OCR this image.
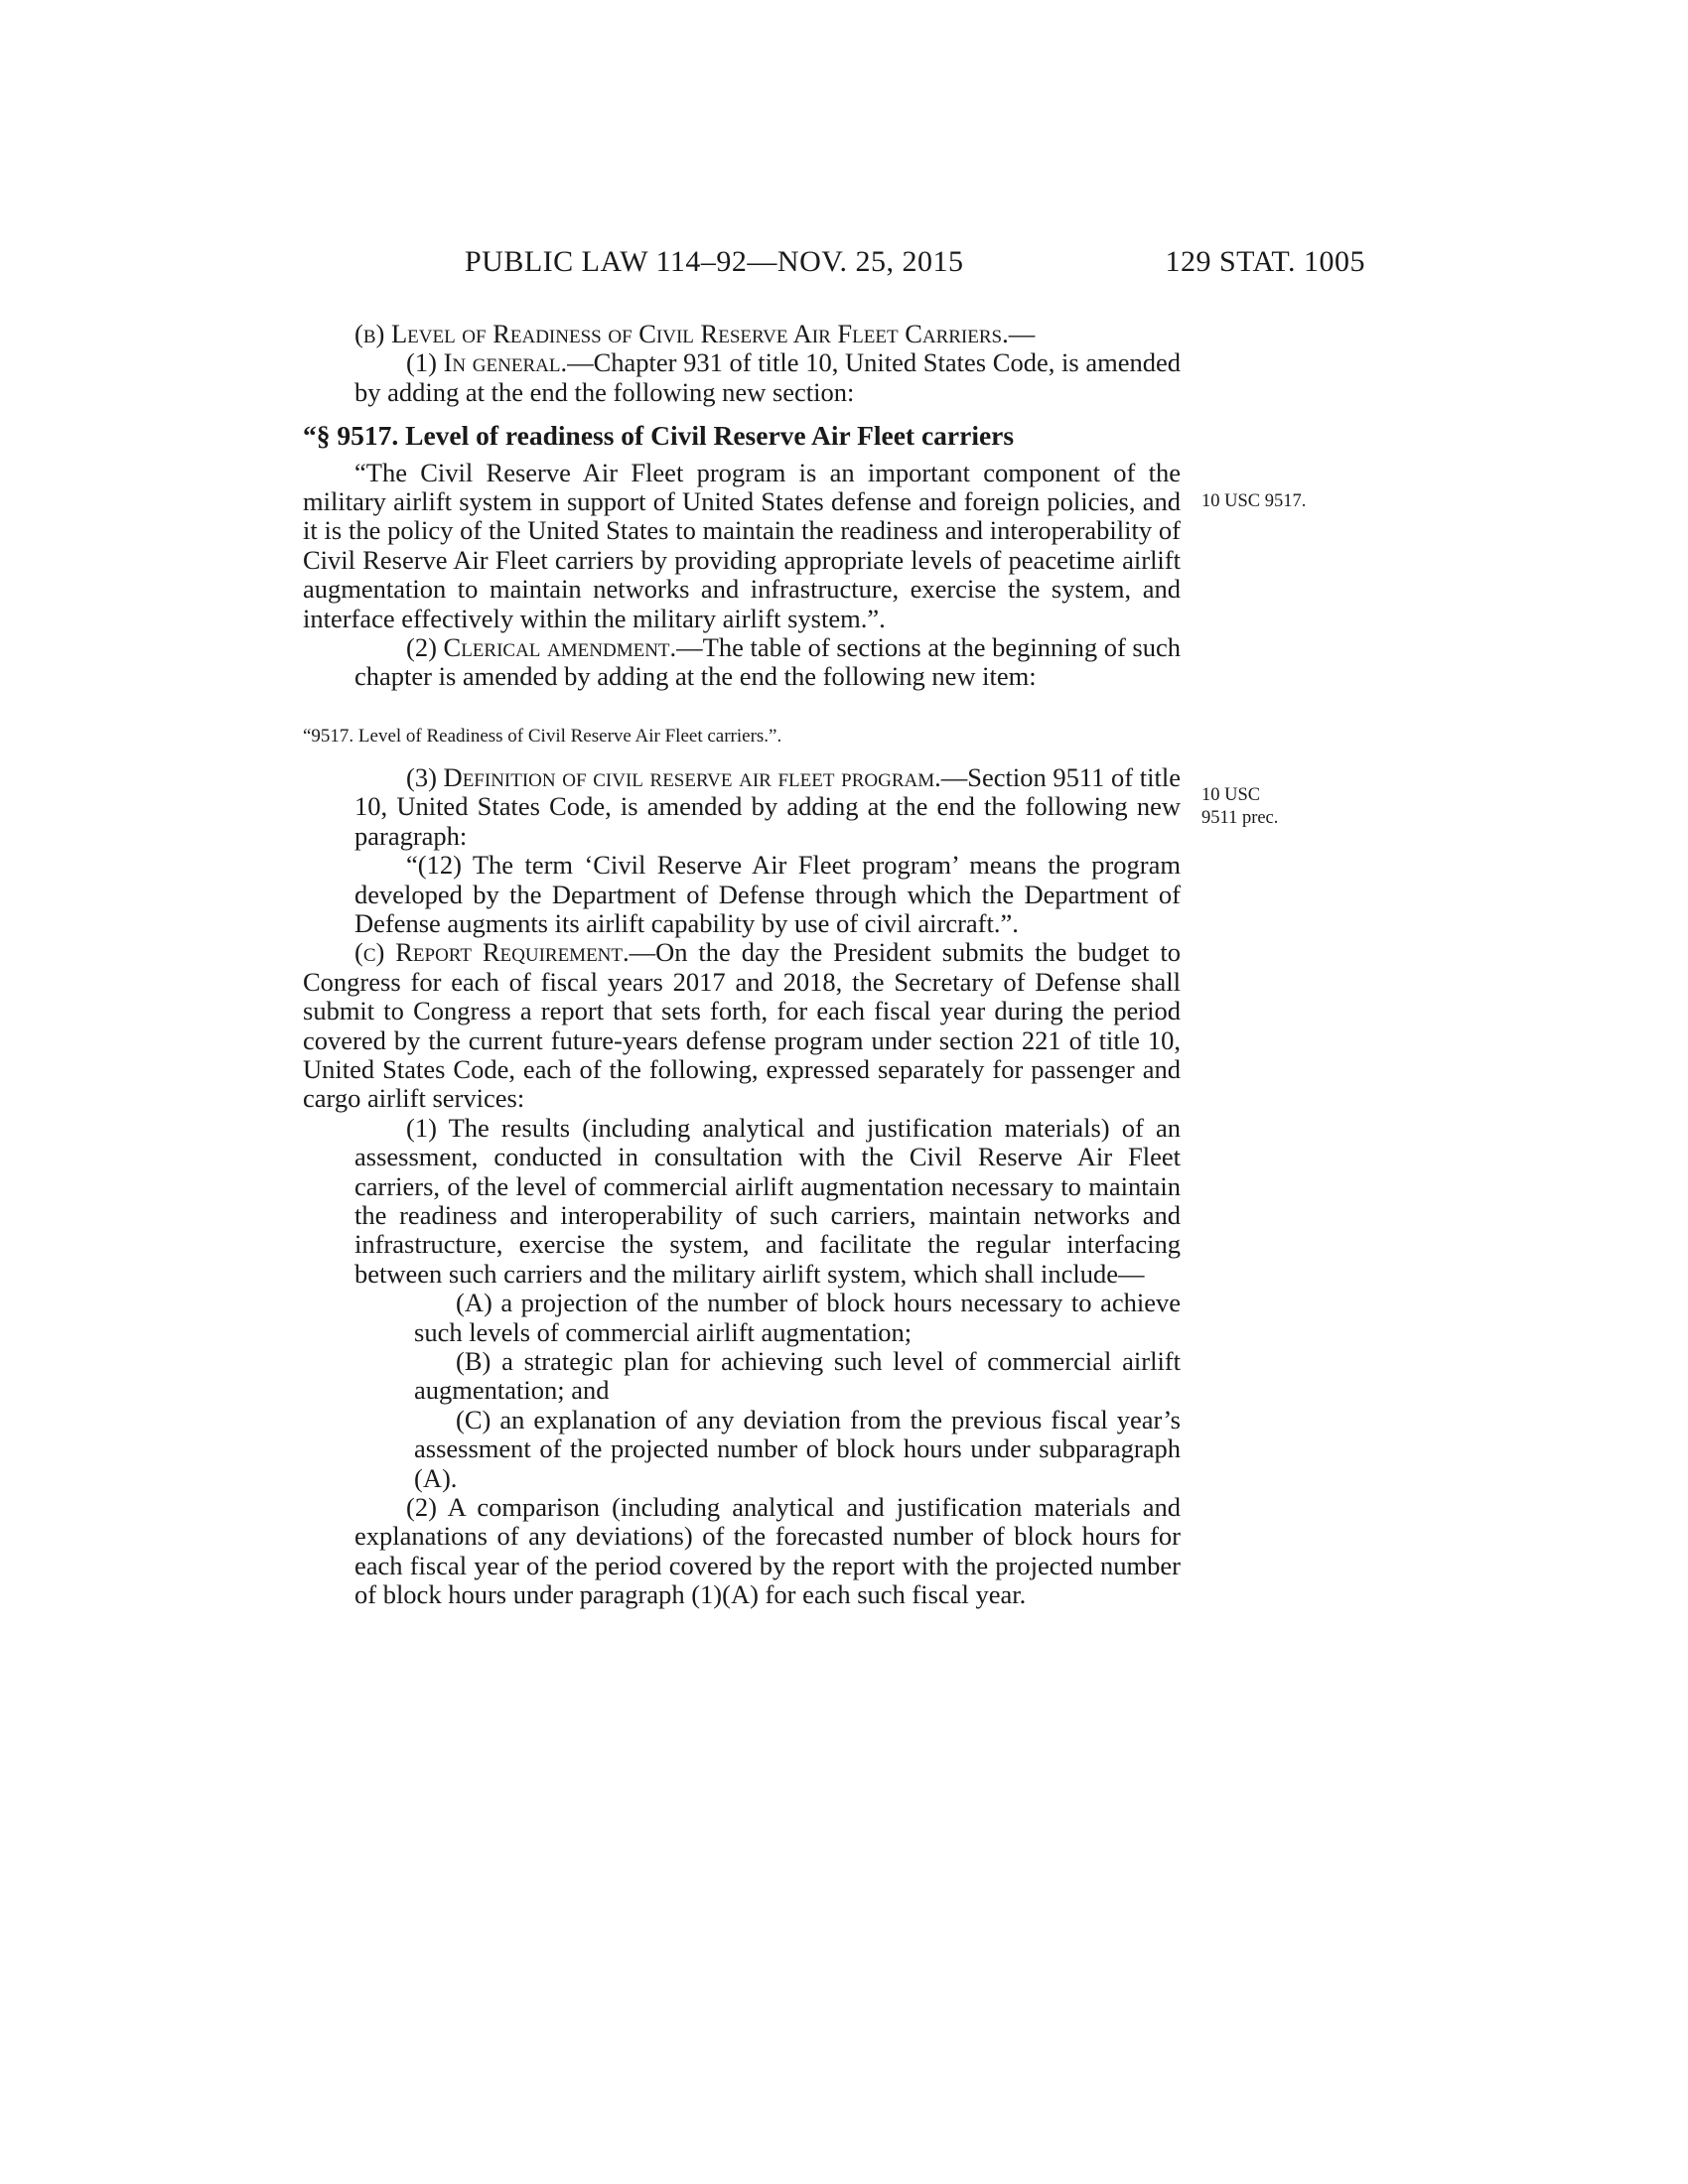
PUBLIC LAW 114–92—NOV. 25, 2015	129 STAT. 1005

(b) Level of Readiness of Civil Reserve Air Fleet Carriers.—

(1) In general.—Chapter 931 of title 10, United States Code, is amended by adding at the end the following new section:

“§ 9517. Level of readiness of Civil Reserve Air Fleet carriers

“The Civil Reserve Air Fleet program is an important component of the military airlift system in support of United States defense and foreign policies, and it is the policy of the United States to maintain the readiness and interoperability of Civil Reserve Air Fleet carriers by providing appropriate levels of peacetime airlift augmentation to maintain networks and infrastructure, exercise the system, and interface effectively within the military airlift system.”.

(2) Clerical amendment.—The table of sections at the beginning of such chapter is amended by adding at the end the following new item:

“9517. Level of Readiness of Civil Reserve Air Fleet carriers.”.

(3) Definition of civil reserve air fleet program.—Section 9511 of title 10, United States Code, is amended by adding at the end the following new paragraph:

“(12) The term ‘Civil Reserve Air Fleet program’ means the program developed by the Department of Defense through which the Department of Defense augments its airlift capability by use of civil aircraft.”.

(c) Report Requirement.—On the day the President submits the budget to Congress for each of fiscal years 2017 and 2018, the Secretary of Defense shall submit to Congress a report that sets forth, for each fiscal year during the period covered by the current future-years defense program under section 221 of title 10, United States Code, each of the following, expressed separately for passenger and cargo airlift services:

(1) The results (including analytical and justification materials) of an assessment, conducted in consultation with the Civil Reserve Air Fleet carriers, of the level of commercial airlift augmentation necessary to maintain the readiness and interoperability of such carriers, maintain networks and infrastructure, exercise the system, and facilitate the regular interfacing between such carriers and the military airlift system, which shall include—

(A) a projection of the number of block hours necessary to achieve such levels of commercial airlift augmentation;

(B) a strategic plan for achieving such level of commercial airlift augmentation; and

(C) an explanation of any deviation from the previous fiscal year’s assessment of the projected number of block hours under subparagraph (A).

(2) A comparison (including analytical and justification materials and explanations of any deviations) of the forecasted number of block hours for each fiscal year of the period covered by the report with the projected number of block hours under paragraph (1)(A) for each such fiscal year.

10 USC 9517.
10 USC
9511 prec.
